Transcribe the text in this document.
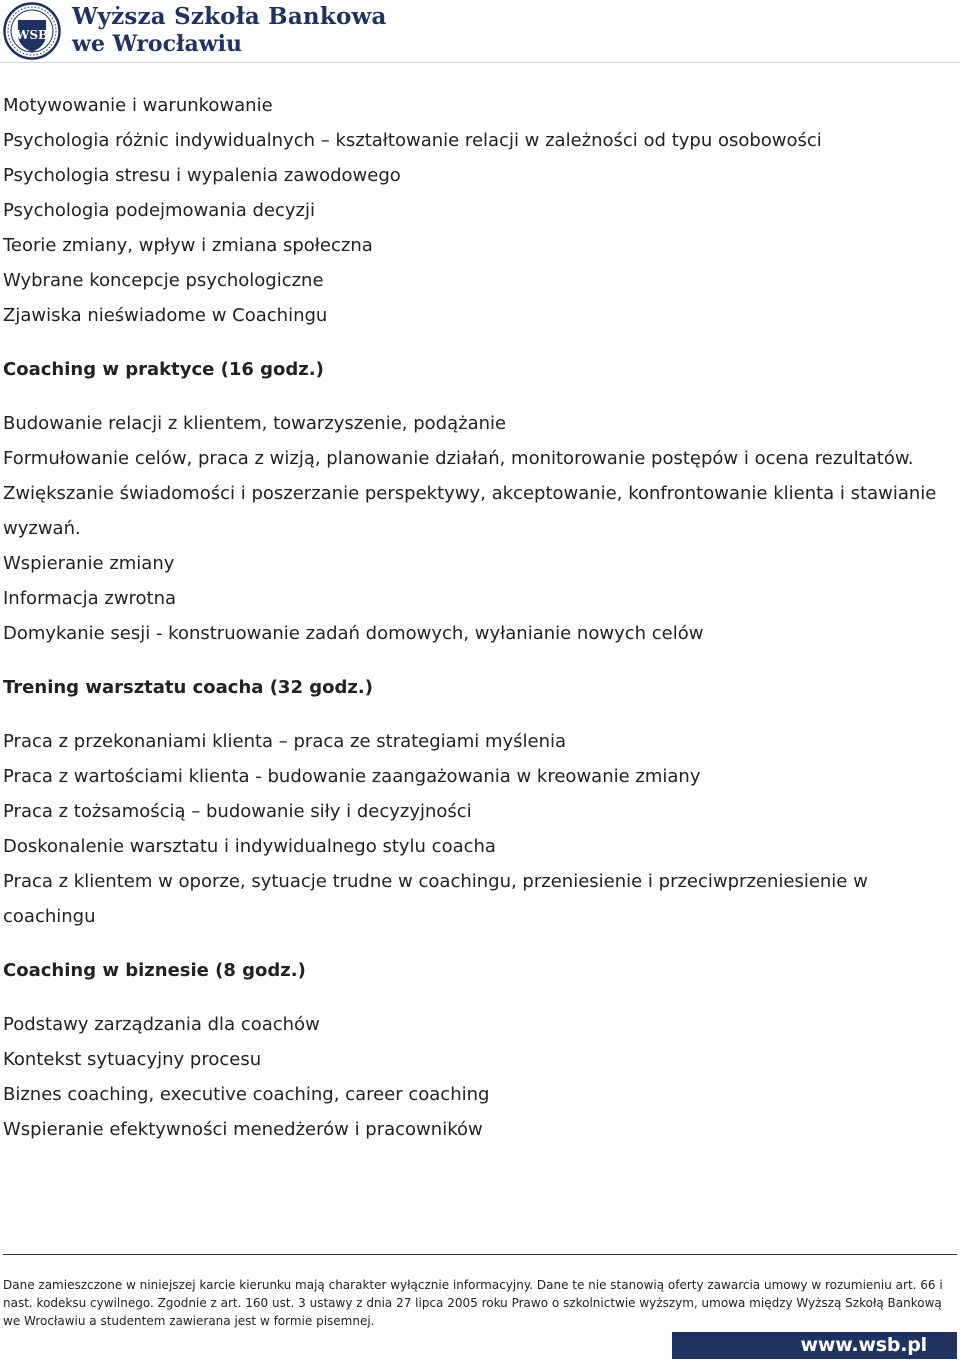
WSB
Wyższa Szkoła Bankowa
we Wrocławiu

Motywowanie i warunkowanie

Psychologia różnic indywidualnych – kształtowanie relacji w zależności od typu osobowości

Psychologia stresu i wypalenia zawodowego

Psychologia podejmowania decyzji

Teorie zmiany, wpływ i zmiana społeczna

Wybrane koncepcje psychologiczne

Zjawiska nieświadome w Coachingu

Coaching w praktyce (16 godz.)

Budowanie relacji z klientem, towarzyszenie, podążanie

Formułowanie celów, praca z wizją, planowanie działań, monitorowanie postępów i ocena rezultatów.

Zwiększanie świadomości i poszerzanie perspektywy, akceptowanie, konfrontowanie klienta i stawianie wyzwań.

Wspieranie zmiany

Informacja zwrotna

Domykanie sesji - konstruowanie zadań domowych, wyłanianie nowych celów

Trening warsztatu coacha (32 godz.)

Praca z przekonaniami klienta – praca ze strategiami myślenia

Praca z wartościami klienta - budowanie zaangażowania w kreowanie zmiany

Praca z tożsamością – budowanie siły i decyzyjności

Doskonalenie warsztatu i indywidualnego stylu coacha

Praca z klientem w oporze, sytuacje trudne w coachingu, przeniesienie i przeciwprzeniesienie w coachingu

Coaching w biznesie (8 godz.)

Podstawy zarządzania dla coachów

Kontekst sytuacyjny procesu

Biznes coaching, executive coaching, career coaching

Wspieranie efektywności menedżerów i pracowników

Dane zamieszczone w niniejszej karcie kierunku mają charakter wyłącznie informacyjny. Dane te nie stanowią oferty zawarcia umowy w rozumieniu art. 66 i nast. kodeksu cywilnego. Zgodnie z art. 160 ust. 3 ustawy z dnia 27 lipca 2005 roku Prawo o szkolnictwie wyższym, umowa między Wyższą Szkołą Bankową we Wrocławiu a studentem zawierana jest w formie pisemnej.

www.wsb.pl
